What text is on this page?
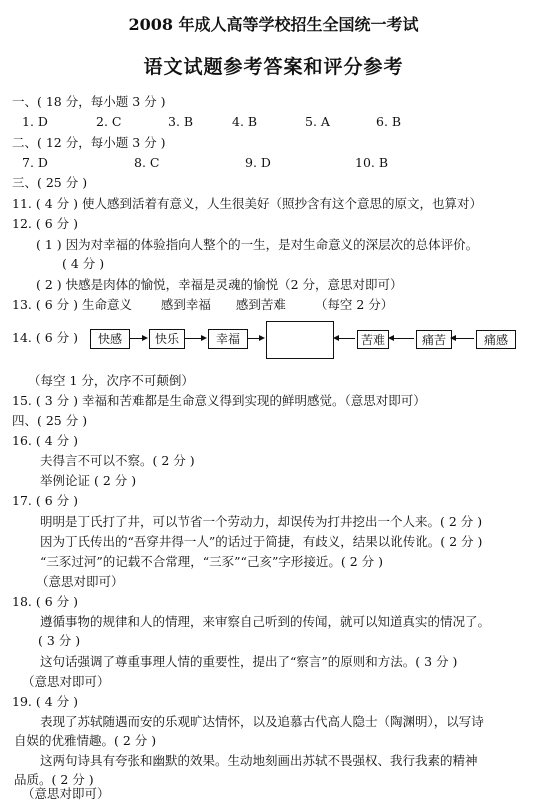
2008 年成人高等学校招生全国统一考试
语文试题参考答案和评分参考
一、( 18 分，每小题 3 分 )
1. D	2. C	3. B	4. B	5. A	6. B
二、( 12 分，每小题 3 分 )
7. D	8. C	9. D	10. B
三、( 25 分 )
11. ( 4 分 ) 使人感到活着有意义，人生很美好（照抄含有这个意思的原文，也算对）
12. ( 6 分 )
( 1 ) 因为对幸福的体验指向人整个的一生，是对生命意义的深层次的总体评价。
( 4 分 )
( 2 ) 快感是肉体的愉悦，幸福是灵魂的愉悦（2 分，意思对即可）
13. ( 6 分 ) 生命意义　　 感到幸福　　感到苦难　　 （每空 2 分）
14. ( 6 分 )	快感	快乐	幸福	苦难	痛苦	痛感
（每空 1 分，次序不可颠倒）
15. ( 3 分 ) 幸福和苦难都是生命意义得到实现的鲜明感觉。（意思对即可）
四、( 25 分 )
16. ( 4 分 )
夫得言不可以不察。( 2 分 )
举例论证 ( 2 分 )
17. ( 6 分 )
明明是丁氏打了井，可以节省一个劳动力，却误传为打井挖出一个人来。( 2 分 )
因为丁氏传出的“吾穿井得一人”的话过于简捷，有歧义，结果以讹传讹。( 2 分 )
“三豕过河”的记载不合常理，“三豕”“己亥”字形接近。( 2 分 )
（意思对即可）
18. ( 6 分 )
遵循事物的规律和人的情理，来审察自己听到的传闻，就可以知道真实的情况了。
( 3 分 )
这句话强调了尊重事理人情的重要性，提出了“察言”的原则和方法。( 3 分 )
（意思对即可）
19. ( 4 分 )
表现了苏轼随遇而安的乐观旷达情怀，以及追慕古代高人隐士（陶渊明），以写诗
自娱的优雅情趣。( 2 分 )
这两句诗具有夸张和幽默的效果。生动地刻画出苏轼不畏强权、我行我素的精神
品质。( 2 分 )
（意思对即可）
